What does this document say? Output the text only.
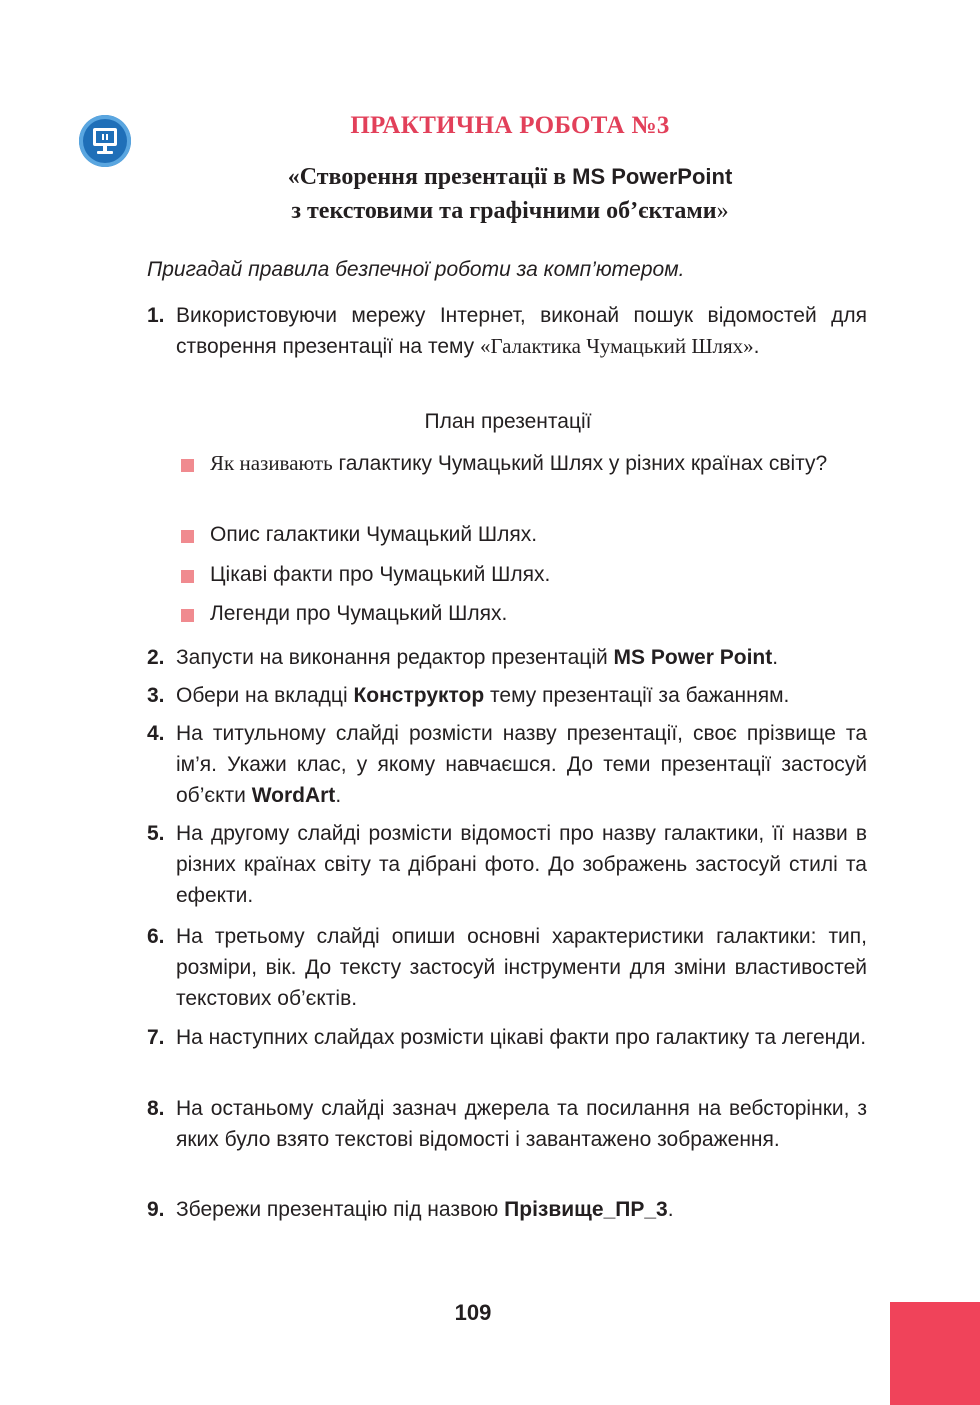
ПРАКТИЧНА РОБОТА №3
«Створення презентації в MS PowerPoint
з текстовими та графічними об’єктами»
Пригадай правила безпечної роботи за комп’ютером.
1. Використовуючи мережу Інтернет, виконай пошук відомостей для створення презентації на тему «Галактика Чумацький Шлях».
План презентації
Як називають галактику Чумацький Шлях у різних країнах світу?
Опис галактики Чумацький Шлях.
Цікаві факти про Чумацький Шлях.
Легенди про Чумацький Шлях.
2. Запусти на виконання редактор презентацій MS Power Point.
3. Обери на вкладці Конструктор тему презентації за бажанням.
4. На титульному слайді розмісти назву презентації, своє прізвище та ім’я. Укажи клас, у якому навчаєшся. До теми презентації застосуй об’єкти WordArt.
5. На другому слайді розмісти відомості про назву галактики, її назви в різних країнах світу та дібрані фото. До зображень застосуй стилі та ефекти.
6. На третьому слайді опиши основні характеристики галактики: тип, розміри, вік. До тексту застосуй інструменти для зміни властивостей текстових об’єктів.
7. На наступних слайдах розмісти цікаві факти про галактику та легенди.
8. На останьому слайді зазнач джерела та посилання на вебсторінки, з яких було взято текстові відомості і завантажено зображення.
9. Збережи презентацію під назвою Прізвище_ПР_3.
109
